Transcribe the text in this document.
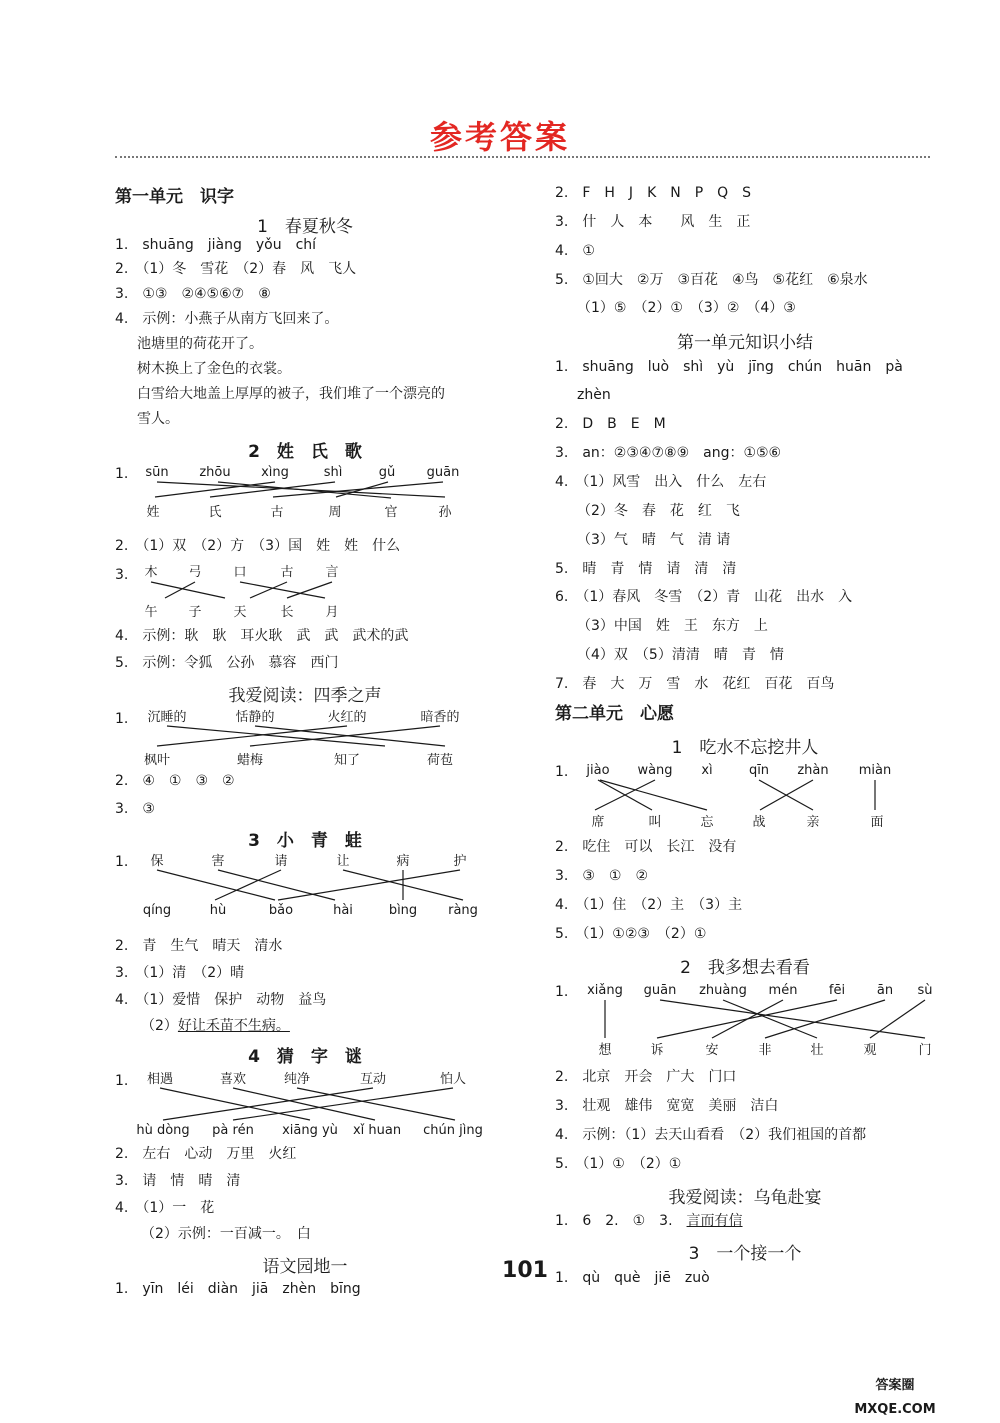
参考答案
第一单元　识字
1　春夏秋冬
1.　shuāng　jiàng　yǒu　chí
2.　（1）冬　雪花　（2）春　风　飞人
3.　①③　②④⑤⑥⑦　⑧
4.　示例：小燕子从南方飞回来了。
池塘里的荷花开了。
树木换上了金色的衣裳。
白雪给大地盖上厚厚的被子，我们堆了一个漂亮的
雪人。
2　姓　氏　歌
1. sūn zhōu xìng	shì	gǔ guān
姓	氏	古	周	官	孙
2.　（1）双　（2）方　（3）国　姓　姓　什么
3. 木 弓 口	古 言
午 子 天	长 月
4.　示例：耿　耿　耳火耿　武　武　武术的武
5.　示例：令狐　公孙　慕容　西门
我爱阅读：四季之声
1. 沉睡的	恬静的	火红的	暗香的
枫叶	蜡梅	知了	荷苞
2.　④　①　③　②
3.　③
3　小　青　蛙
1. 保	害	请	让	病	护
qíng	hù	bǎo	hài	bìng ràng
2.　青　生气　晴天　清水
3.　（1）清　（2）晴
4.　（1）爱惜　保护　动物　益鸟
（2）好让禾苗不生病。
4　猜　字　谜
1. 相遇	喜欢	纯净	互动	怕人
hù dòng pà rén xiāng yù xǐ huan chún jìng
2.　左右　心动　万里　火红
3.　请　情　晴　清
4.　（1）一　花
（2）示例：一百减一。　白
语文园地一
1.　yīn　léi　diàn　jiā　zhèn　bīng
2.　F　H　J　K　N　P　Q　S
3.　什　人　本　　风　生　正
4.　①
5.　①回大　②万　③百花　④鸟　⑤花红　⑥泉水
（1）⑤　（2）①　（3）②　（4）③
第一单元知识小结
1.　shuāng　luò　shì　yù　jīng　chún　huān　pà
zhèn
2.　D　B　E　M
3.　an：②③④⑦⑧⑨　ang：①⑤⑥
4.　（1）风雪　出入　什么　左右
（2）冬　春　花　红　飞
（3）气　晴　气　清 请
5.　晴　青　情　请　清　清
6.　（1）春风　冬雪　（2）青　山花　出水　入
（3）中国　姓　王　东方　上
（4）双　（5）清清　晴　青　情
7.　春　大　万　雪　水　花红　百花　百鸟
第二单元　心愿
1　吃水不忘挖井人
1. jiào wàng xì	qīn zhàn miàn
席	叫	忘	战	亲	面
2.　吃住　可以　长江　没有
3.　③　①　②
4.　（1）住　（2）主　（3）主
5.　（1）①②③　（2）①
2　我多想去看看
1. xiǎng guān zhuàng mén fēi ān sù
想	诉	安	非	壮	观	门
2.　北京　开会　广大　门口
3.　壮观　雄伟　宽宽　美丽　洁白
4.　示例：（1）去天山看看　（2）我们祖国的首都
5.　（1）①　（2）①
我爱阅读：乌龟赴宴
1.　6　2.　①　3.　言而有信
3　一个接一个
1.　qù　què　jiē　zuò
101
答案圈
MXQE.COM
